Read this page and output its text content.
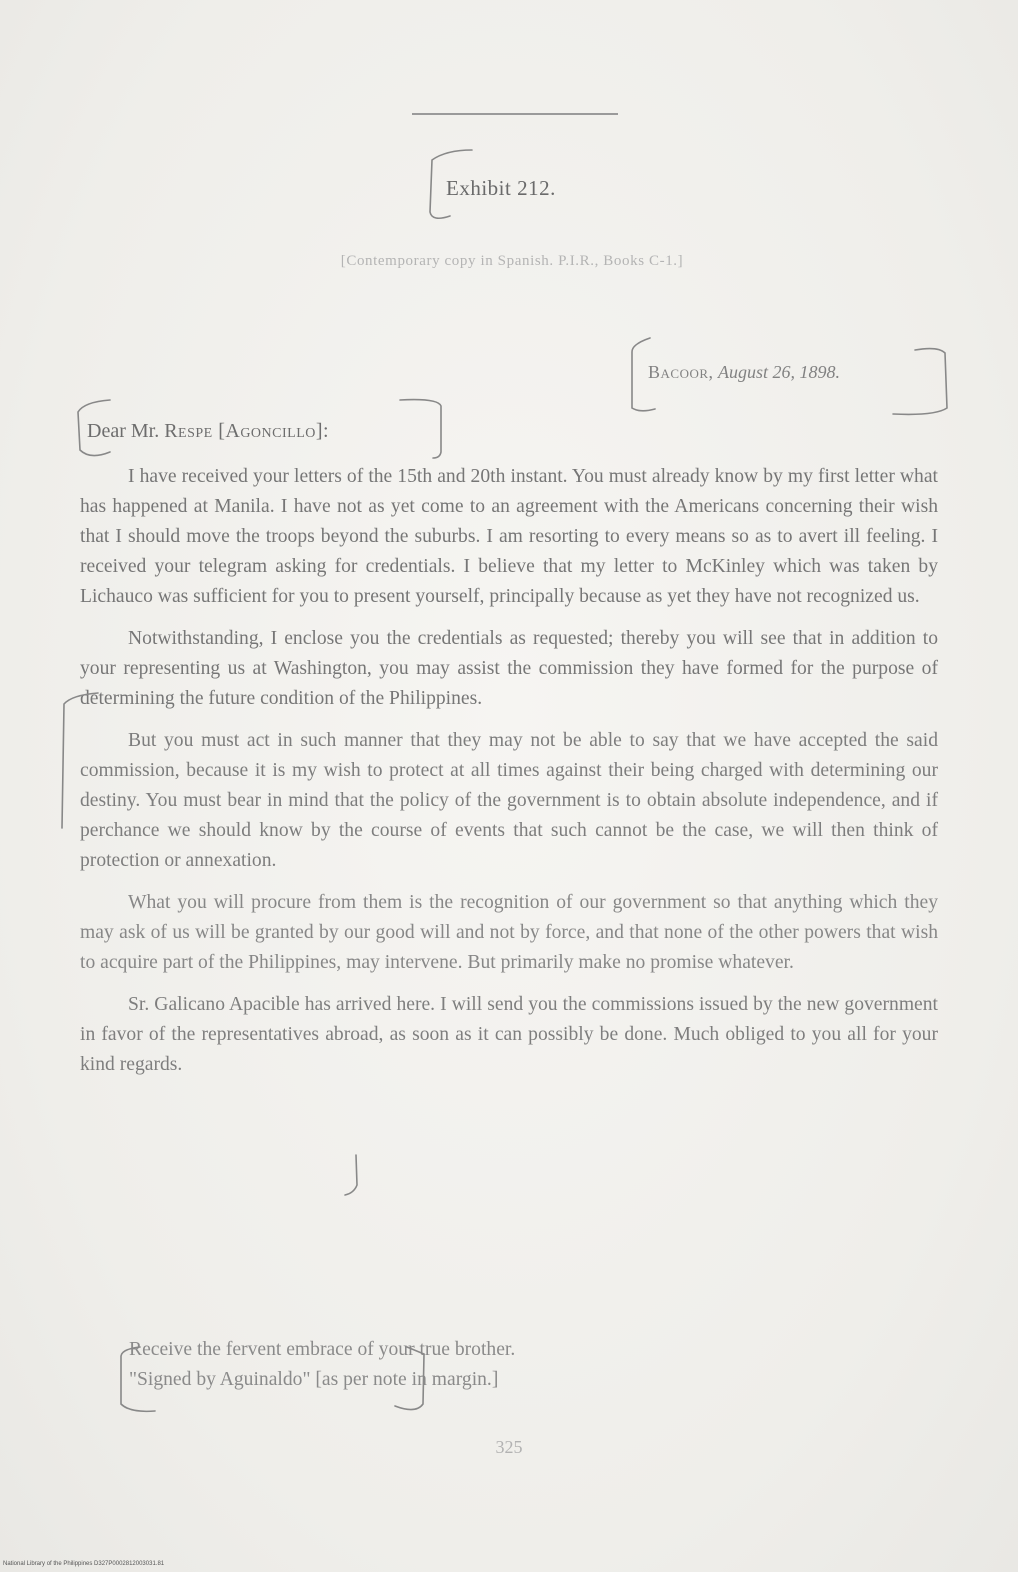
Exhibit 212.
[Contemporary copy in Spanish. P.I.R., Books C-1.]
Bacoor, August 26, 1898.
Dear Mr. Respe [Agoncillo]:

I have received your letters of the 15th and 20th instant. You must already know by my first letter what has happened at Manila. I have not as yet come to an agreement with the Americans concerning their wish that I should move the troops beyond the suburbs. I am resorting to every means so as to avert ill feeling. I received your telegram asking for credentials. I believe that my letter to McKinley which was taken by Lichauco was sufficient for you to present yourself, principally because as yet they have not recognized us.

Notwithstanding, I enclose you the credentials as requested; thereby you will see that in addition to your representing us at Washington, you may assist the commission they have formed for the purpose of determining the future condition of the Philippines.

But you must act in such manner that they may not be able to say that we have accepted the said commission, because it is my wish to protect at all times against their being charged with determining our destiny. You must bear in mind that the policy of the government is to obtain absolute independence, and if perchance we should know by the course of events that such cannot be the case, we will then think of protection or annexation.

What you will procure from them is the recognition of our government so that anything which they may ask of us will be granted by our good will and not by force, and that none of the other powers that wish to acquire part of the Philippines, may intervene. But primarily make no promise whatever.

Sr. Galicano Apacible has arrived here. I will send you the commissions issued by the new government in favor of the representatives abroad, as soon as it can possibly be done. Much obliged to you all for your kind regards.

Receive the fervent embrace of your true brother.
"Signed by Aguinaldo" [as per note in margin.]
325
National Library of the Philippines D327P0002812003031.81
